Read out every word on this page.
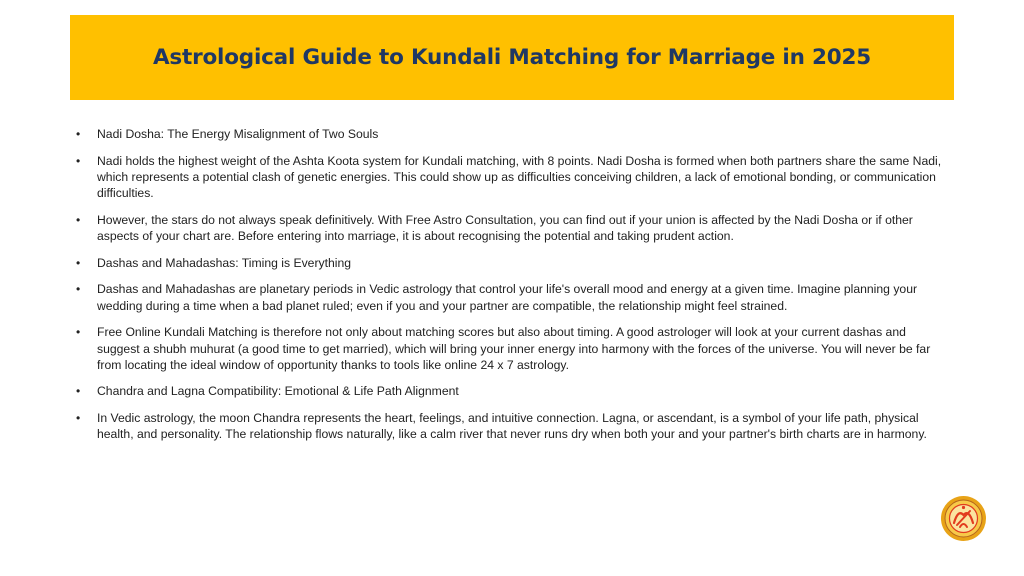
Astrological Guide to Kundali Matching for Marriage in 2025
• Nadi Dosha: The Energy Misalignment of Two Souls
• Nadi holds the highest weight of the Ashta Koota system for Kundali matching, with 8 points. Nadi Dosha is formed when both partners share the same Nadi, which represents a potential clash of genetic energies. This could show up as difficulties conceiving children, a lack of emotional bonding, or communication difficulties.
• However, the stars do not always speak definitively. With Free Astro Consultation, you can find out if your union is affected by the Nadi Dosha or if other aspects of your chart are. Before entering into marriage, it is about recognising the potential and taking prudent action.
• Dashas and Mahadashas: Timing is Everything
• Dashas and Mahadashas are planetary periods in Vedic astrology that control your life's overall mood and energy at a given time. Imagine planning your wedding during a time when a bad planet ruled; even if you and your partner are compatible, the relationship might feel strained.
• Free Online Kundali Matching is therefore not only about matching scores but also about timing. A good astrologer will look at your current dashas and suggest a shubh muhurat (a good time to get married), which will bring your inner energy into harmony with the forces of the universe. You will never be far from locating the ideal window of opportunity thanks to tools like online 24 x 7 astrology.
• Chandra and Lagna Compatibility: Emotional & Life Path Alignment
• In Vedic astrology, the moon Chandra represents the heart, feelings, and intuitive connection. Lagna, or ascendant, is a symbol of your life path, physical health, and personality. The relationship flows naturally, like a calm river that never runs dry when both your and your partner's birth charts are in harmony.
